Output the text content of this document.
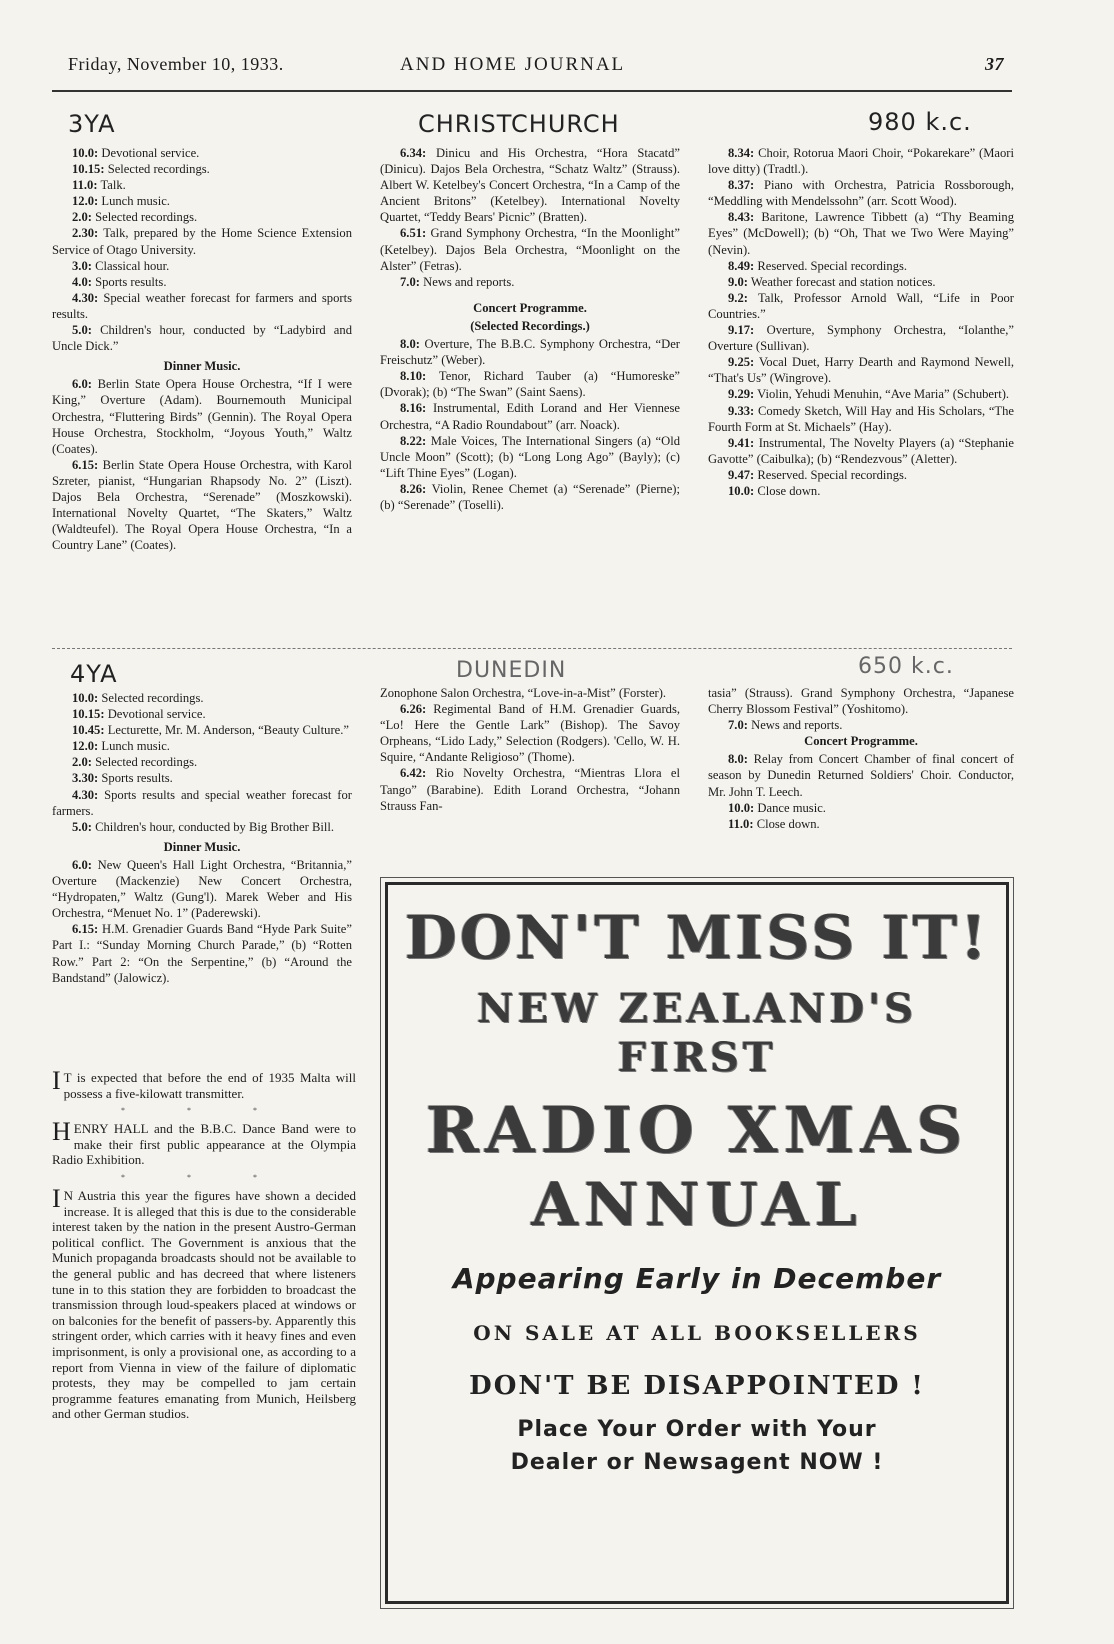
Friday, November 10, 1933.	AND HOME JOURNAL	37
3YA	CHRISTCHURCH	980 k.c.

10.0: Devotional service.

10.15: Selected recordings.

11.0: Talk.

12.0: Lunch music.

2.0: Selected recordings.

2.30: Talk, prepared by the Home Science Extension Service of Otago University.

3.0: Classical hour.

4.0: Sports results.

4.30: Special weather forecast for farmers and sports results.

5.0: Children's hour, conducted by “Ladybird and Uncle Dick.”

Dinner Music.

6.0: Berlin State Opera House Orchestra, “If I were King,” Overture (Adam). Bournemouth Municipal Orchestra, “Fluttering Birds” (Gennin). The Royal Opera House Orchestra, Stockholm, “Joyous Youth,” Waltz (Coates).

6.15: Berlin State Opera House Orchestra, with Karol Szreter, pianist, “Hungarian Rhapsody No. 2” (Liszt). Dajos Bela Orchestra, “Serenade” (Moszkowski). International Novelty Quartet, “The Skaters,” Waltz (Waldteufel). The Royal Opera House Orchestra, “In a Country Lane” (Coates).

6.34: Dinicu and His Orchestra, “Hora Stacatd” (Dinicu). Dajos Bela Orchestra, “Schatz Waltz” (Strauss). Albert W. Ketelbey's Concert Orchestra, “In a Camp of the Ancient Britons” (Ketelbey). International Novelty Quartet, “Teddy Bears' Picnic” (Bratten).

6.51: Grand Symphony Orchestra, “In the Moonlight” (Ketelbey). Dajos Bela Orchestra, “Moonlight on the Alster” (Fetras).

7.0: News and reports.

Concert Programme.
(Selected Recordings.)

8.0: Overture, The B.B.C. Symphony Orchestra, “Der Freischutz” (Weber).

8.10: Tenor, Richard Tauber (a) “Humoreske” (Dvorak); (b) “The Swan” (Saint Saens).

8.16: Instrumental, Edith Lorand and Her Viennese Orchestra, “A Radio Roundabout” (arr. Noack).

8.22: Male Voices, The International Singers (a) “Old Uncle Moon” (Scott); (b) “Long Long Ago” (Bayly); (c) “Lift Thine Eyes” (Logan).

8.26: Violin, Renee Chemet (a) “Serenade” (Pierne); (b) “Serenade” (Toselli).

8.34: Choir, Rotorua Maori Choir, “Pokarekare” (Maori love ditty) (Tradtl.).

8.37: Piano with Orchestra, Patricia Rossborough, “Meddling with Mendelssohn” (arr. Scott Wood).

8.43: Baritone, Lawrence Tibbett (a) “Thy Beaming Eyes” (McDowell); (b) “Oh, That we Two Were Maying” (Nevin).

8.49: Reserved. Special recordings.

9.0: Weather forecast and station notices.

9.2: Talk, Professor Arnold Wall, “Life in Poor Countries.”

9.17: Overture, Symphony Orchestra, “Iolanthe,” Overture (Sullivan).

9.25: Vocal Duet, Harry Dearth and Raymond Newell, “That's Us” (Wingrove).

9.29: Violin, Yehudi Menuhin, “Ave Maria” (Schubert).

9.33: Comedy Sketch, Will Hay and His Scholars, “The Fourth Form at St. Michaels” (Hay).

9.41: Instrumental, The Novelty Players (a) “Stephanie Gavotte” (Caibulka); (b) “Rendezvous” (Aletter).

9.47: Reserved. Special recordings.

10.0: Close down.

4YA	DUNEDIN	650 k.c.

10.0: Selected recordings.

10.15: Devotional service.

10.45: Lecturette, Mr. M. Anderson, “Beauty Culture.”

12.0: Lunch music.

2.0: Selected recordings.

3.30: Sports results.

4.30: Sports results and special weather forecast for farmers.

5.0: Children's hour, conducted by Big Brother Bill.

Dinner Music.

6.0: New Queen's Hall Light Orchestra, “Britannia,” Overture (Mackenzie) New Concert Orchestra, “Hydropaten,” Waltz (Gung'l). Marek Weber and His Orchestra, “Menuet No. 1” (Paderewski).

6.15: H.M. Grenadier Guards Band “Hyde Park Suite” Part I.: “Sunday Morning Church Parade,” (b) “Rotten Row.” Part 2: “On the Serpentine,” (b) “Around the Bandstand” (Jalowicz).

Zonophone Salon Orchestra, “Love-in-a-Mist” (Forster).

6.26: Regimental Band of H.M. Grenadier Guards, “Lo! Here the Gentle Lark” (Bishop). The Savoy Orpheans, “Lido Lady,” Selection (Rodgers). 'Cello, W. H. Squire, “Andante Religioso” (Thome).

6.42: Rio Novelty Orchestra, “Mientras Llora el Tango” (Barabine). Edith Lorand Orchestra, “Johann Strauss Fan-

tasia” (Strauss). Grand Symphony Orchestra, “Japanese Cherry Blossom Festival” (Yoshitomo).

7.0: News and reports.

Concert Programme.

8.0: Relay from Concert Chamber of final concert of season by Dunedin Returned Soldiers' Choir. Conductor, Mr. John T. Leech.

10.0: Dance music.

11.0: Close down.

I T is expected that before the end of 1935 Malta will possess a five-kilowatt transmitter.

* * *

HENRY HALL and the B.B.C. Dance Band were to make their first public appearance at the Olympia Radio Exhibition.

* * *

I N Austria this year the figures have shown a decided increase. It is alleged that this is due to the considerable interest taken by the nation in the present Austro-German political conflict. The Government is anxious that the Munich propaganda broadcasts should not be available to the general public and has decreed that where listeners tune in to this station they are forbidden to broadcast the transmission through loud-speakers placed at windows or on balconies for the benefit of passers-by. Apparently this stringent order, which carries with it heavy fines and even imprisonment, is only a provisional one, as according to a report from Vienna in view of the failure of diplomatic protests, they may be compelled to jam certain programme features emanating from Munich, Heilsberg and other German studios.

DON'T MISS IT!
NEW ZEALAND'S
FIRST
RADIO XMAS
ANNUAL
Appearing Early in December
ON SALE AT ALL BOOKSELLERS
DON'T BE DISAPPOINTED !
Place Your Order with Your
Dealer or Newsagent NOW !
